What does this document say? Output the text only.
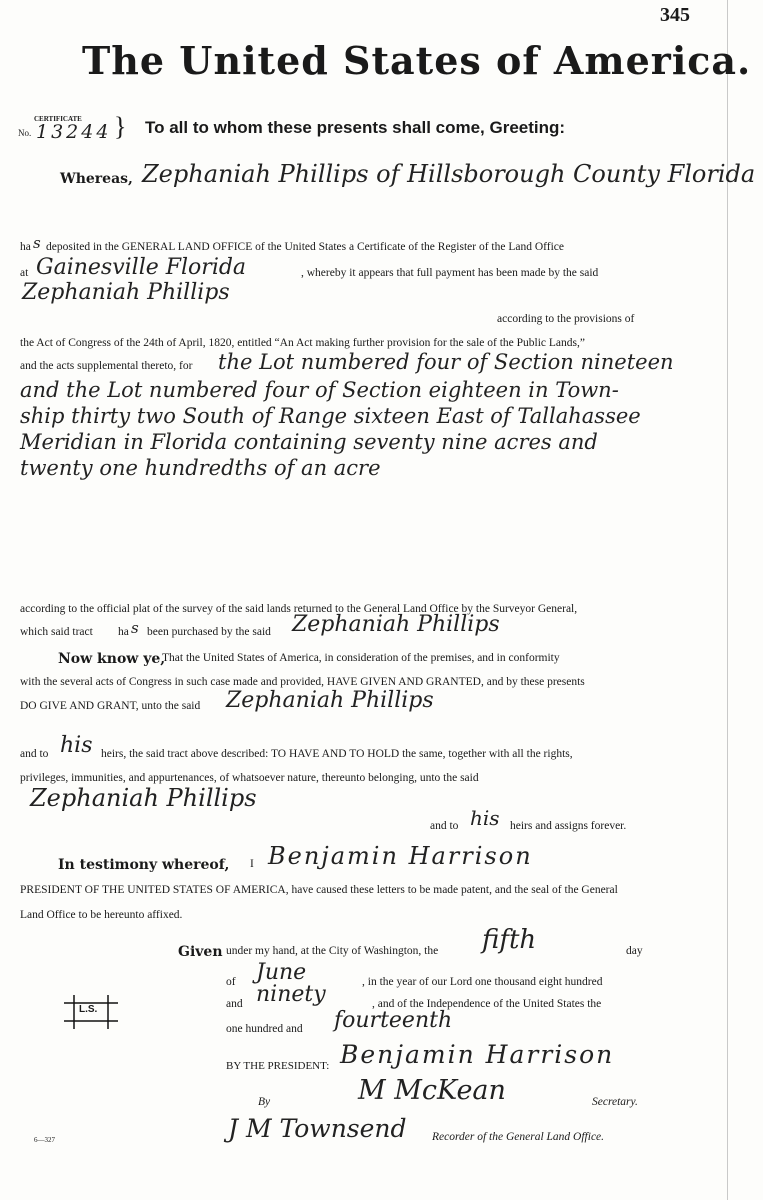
345
The United States of America.
CERTIFICATE
No. 13244 } To all to whom these presents shall come, Greeting:
Whereas, Zephaniah Phillips of Hillsborough County Florida
ha s deposited in the GENERAL LAND OFFICE of the United States a Certificate of the Register of the Land Office
at Gainesville Florida	, whereby it appears that full payment has been made by the said
Zephaniah Phillips
according to the provisions of
the Act of Congress of the 24th of April, 1820, entitled “An Act making further provision for the sale of the Public Lands,”
and the acts supplemental thereto, for the Lot numbered four of Section nineteen
and the Lot numbered four of Section eighteen in Town-
ship thirty two South of Range sixteen East of Tallahassee
Meridian in Florida containing seventy nine acres and
twenty one hundredths of an acre
according to the official plat of the survey of the said lands returned to the General Land Office by the Surveyor General,
which said tract ha s been purchased by the said Zephaniah Phillips
Now know ye,
That the United States of America, in consideration of the premises, and in conformity
with the several acts of Congress in such case made and provided, HAVE GIVEN AND GRANTED, and by these presents
DO GIVE AND GRANT, unto the said Zephaniah Phillips
and to his heirs, the said tract above described: TO HAVE AND TO HOLD the same, together with all the rights,
privileges, immunities, and appurtenances, of whatsoever nature, thereunto belonging, unto the said
Zephaniah Phillips
and to his heirs and assigns forever.
In testimony whereof, I Benjamin Harrison
PRESIDENT OF THE UNITED STATES OF AMERICA, have caused these letters to be made patent, and the seal of the General
Land Office to be hereunto affixed.
Given under my hand, at the City of Washington, the fifth	day
of June	, in the year of our Lord one thousand eight hundred
and ninety	, and of the Independence of the United States the
one hundred and fourteenth
L.S.
BY THE PRESIDENT: Benjamin Harrison
By	M McKean	Secretary.
J M Townsend Recorder of the General Land Office.
6—327
